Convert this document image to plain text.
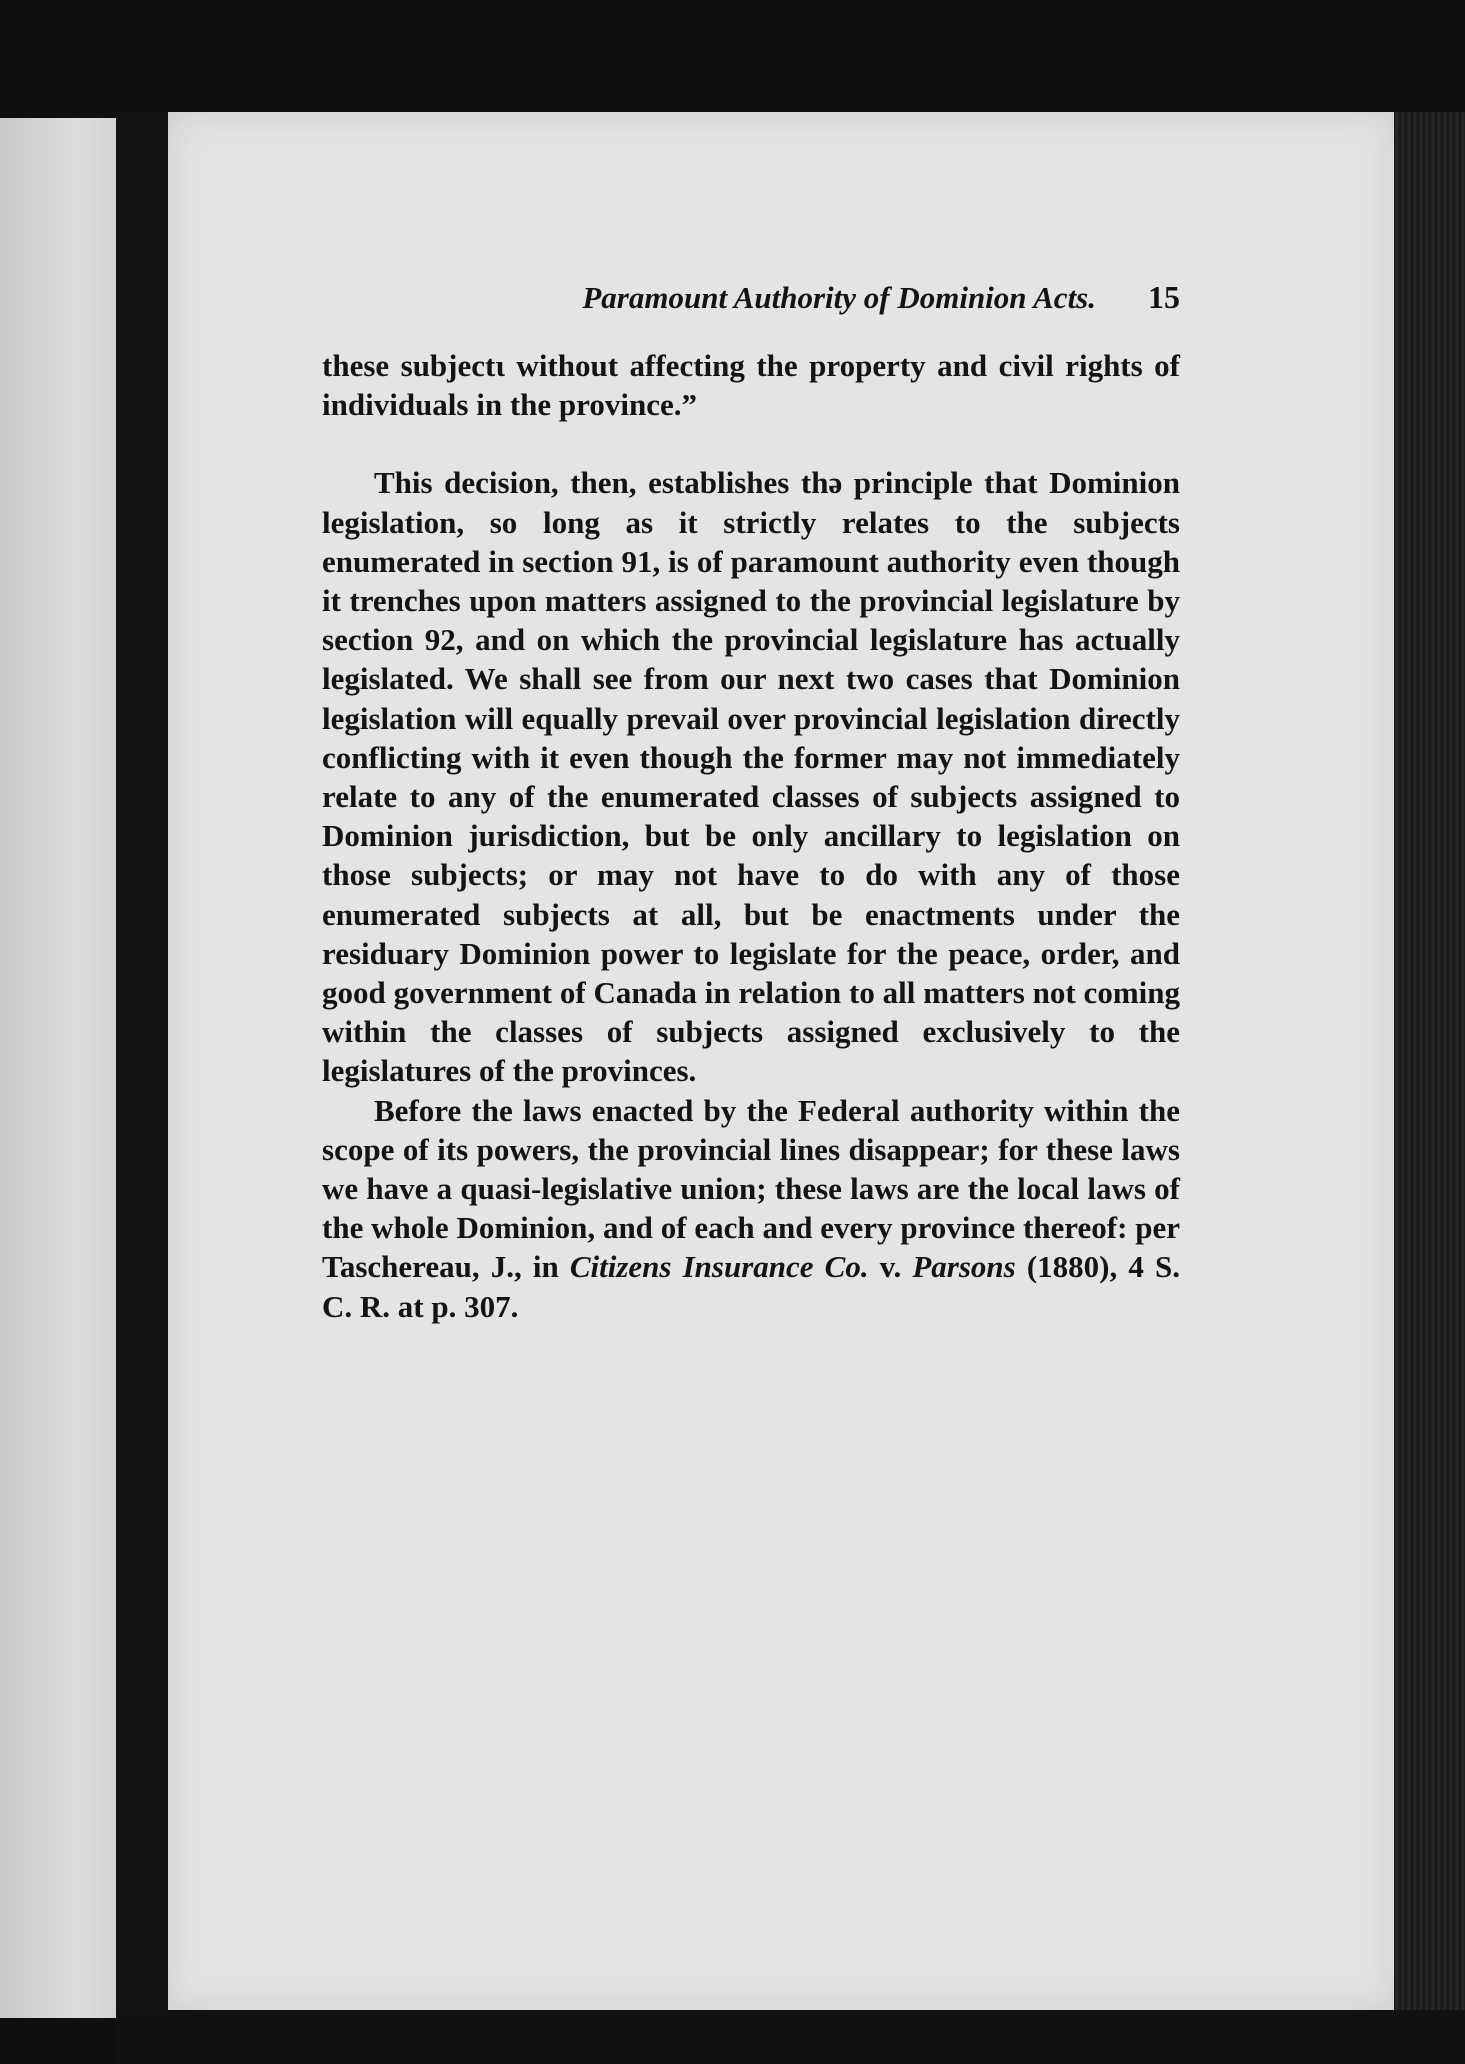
Paramount Authority of Dominion Acts. 15

these subjectɩ without affecting the property and civil rights of individuals in the province.”

This decision, then, establishes thə principle that Dominion legislation, so long as it strictly relates to the subjects enumerated in section 91, is of paramount authority even though it trenches upon matters assigned to the provincial legislature by section 92, and on which the provincial legislature has actually legislated. We shall see from our next two cases that Dominion legislation will equally prevail over provincial legislation directly conflicting with it even though the former may not immediately relate to any of the enumerated classes of subjects assigned to Dominion jurisdiction, but be only ancillary to legislation on those subjects; or may not have to do with any of those enumerated subjects at all, but be enactments under the residuary Dominion power to legislate for the peace, order, and good government of Canada in relation to all matters not coming within the classes of subjects assigned exclusively to the legislatures of the provinces.

Before the laws enacted by the Federal authority within the scope of its powers, the provincial lines disappear; for these laws we have a quasi-legislative union; these laws are the local laws of the whole Dominion, and of each and every province thereof: per Taschereau, J., in Citizens Insurance Co. v. Parsons (1880), 4 S. C. R. at p. 307.
